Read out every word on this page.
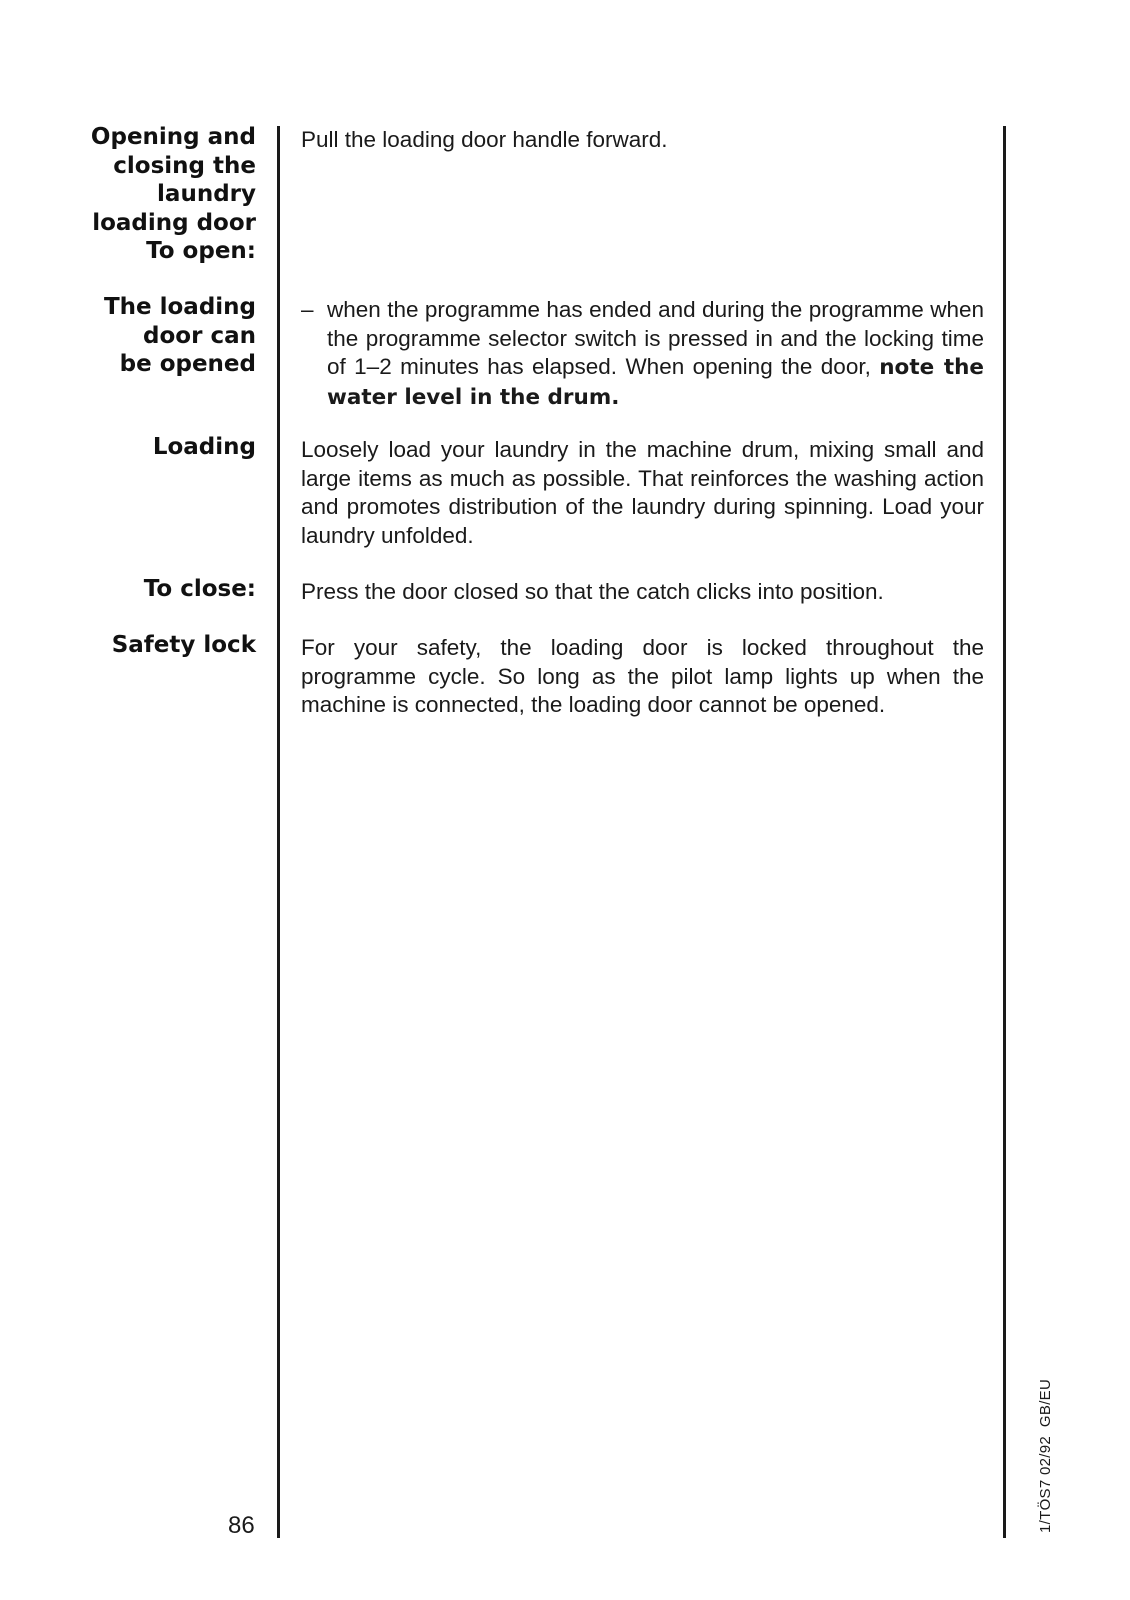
Opening and
closing the
laundry
loading door
To open:
Pull the loading door handle forward.
The loading
door can
be opened
– when the programme has ended and during the programme when the programme selector switch is pressed in and the locking time of 1–2 minutes has elapsed. When opening the door, note the water level in the drum.
Loading Loosely load your laundry in the machine drum, mixing small and large items as much as possible. That reinforces the washing action and promotes distribution of the laundry during spinning. Load your laundry unfolded.
To close: Press the door closed so that the catch clicks into position.
Safety lock For your safety, the loading door is locked throughout the programme cycle. So long as the pilot lamp lights up when the machine is connected, the loading door cannot be opened.
86	1/TÖS7 02/92  GB/EU
